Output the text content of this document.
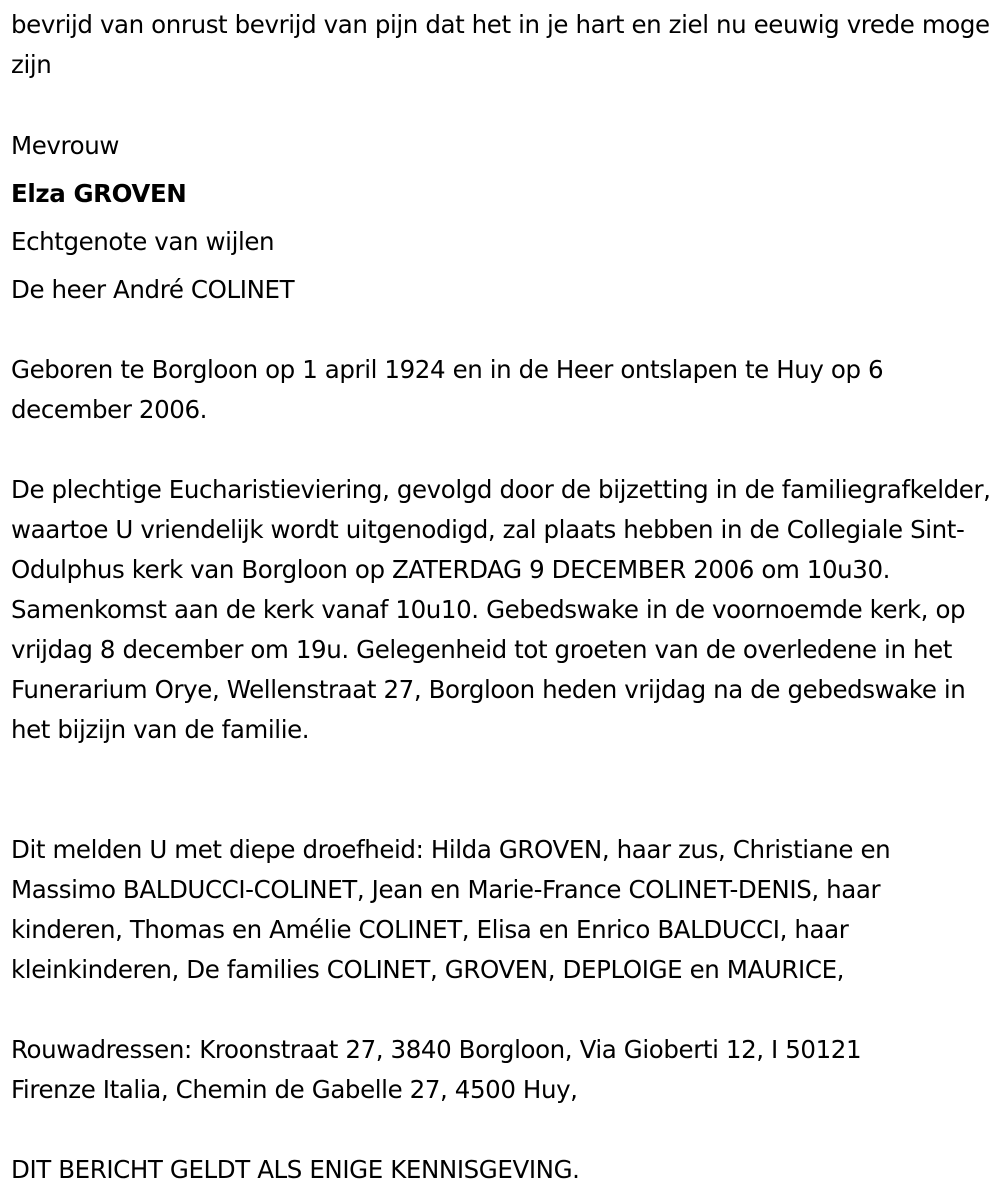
bevrijd van onrust bevrijd van pijn dat het in je hart en ziel nu eeuwig vrede moge zijn

Mevrouw

Elza GROVEN

Echtgenote van wijlen

De heer André COLINET

Geboren te Borgloon op 1 april 1924 en in de Heer ontslapen te Huy op 6 december 2006.

De plechtige Eucharistieviering, gevolgd door de bijzetting in de familiegrafkelder, waartoe U vriendelijk wordt uitgenodigd, zal plaats hebben in de Collegiale Sint-Odulphus kerk van Borgloon op ZATERDAG 9 DECEMBER 2006 om 10u30. Samenkomst aan de kerk vanaf 10u10. Gebedswake in de voornoemde kerk, op vrijdag 8 december om 19u. Gelegenheid tot groeten van de overledene in het Funerarium Orye, Wellenstraat 27, Borgloon heden vrijdag na de gebedswake in het bijzijn van de familie.

Dit melden U met diepe droefheid: Hilda GROVEN, haar zus, Christiane en Massimo BALDUCCI-COLINET, Jean en Marie-France COLINET-DENIS, haar kinderen, Thomas en Amélie COLINET, Elisa en Enrico BALDUCCI, haar kleinkinderen, De families COLINET, GROVEN, DEPLOIGE en MAURICE,

Rouwadressen: Kroonstraat 27, 3840 Borgloon, Via Gioberti 12, I 50121 Firenze Italia, Chemin de Gabelle 27, 4500 Huy,

DIT BERICHT GELDT ALS ENIGE KENNISGEVING.
